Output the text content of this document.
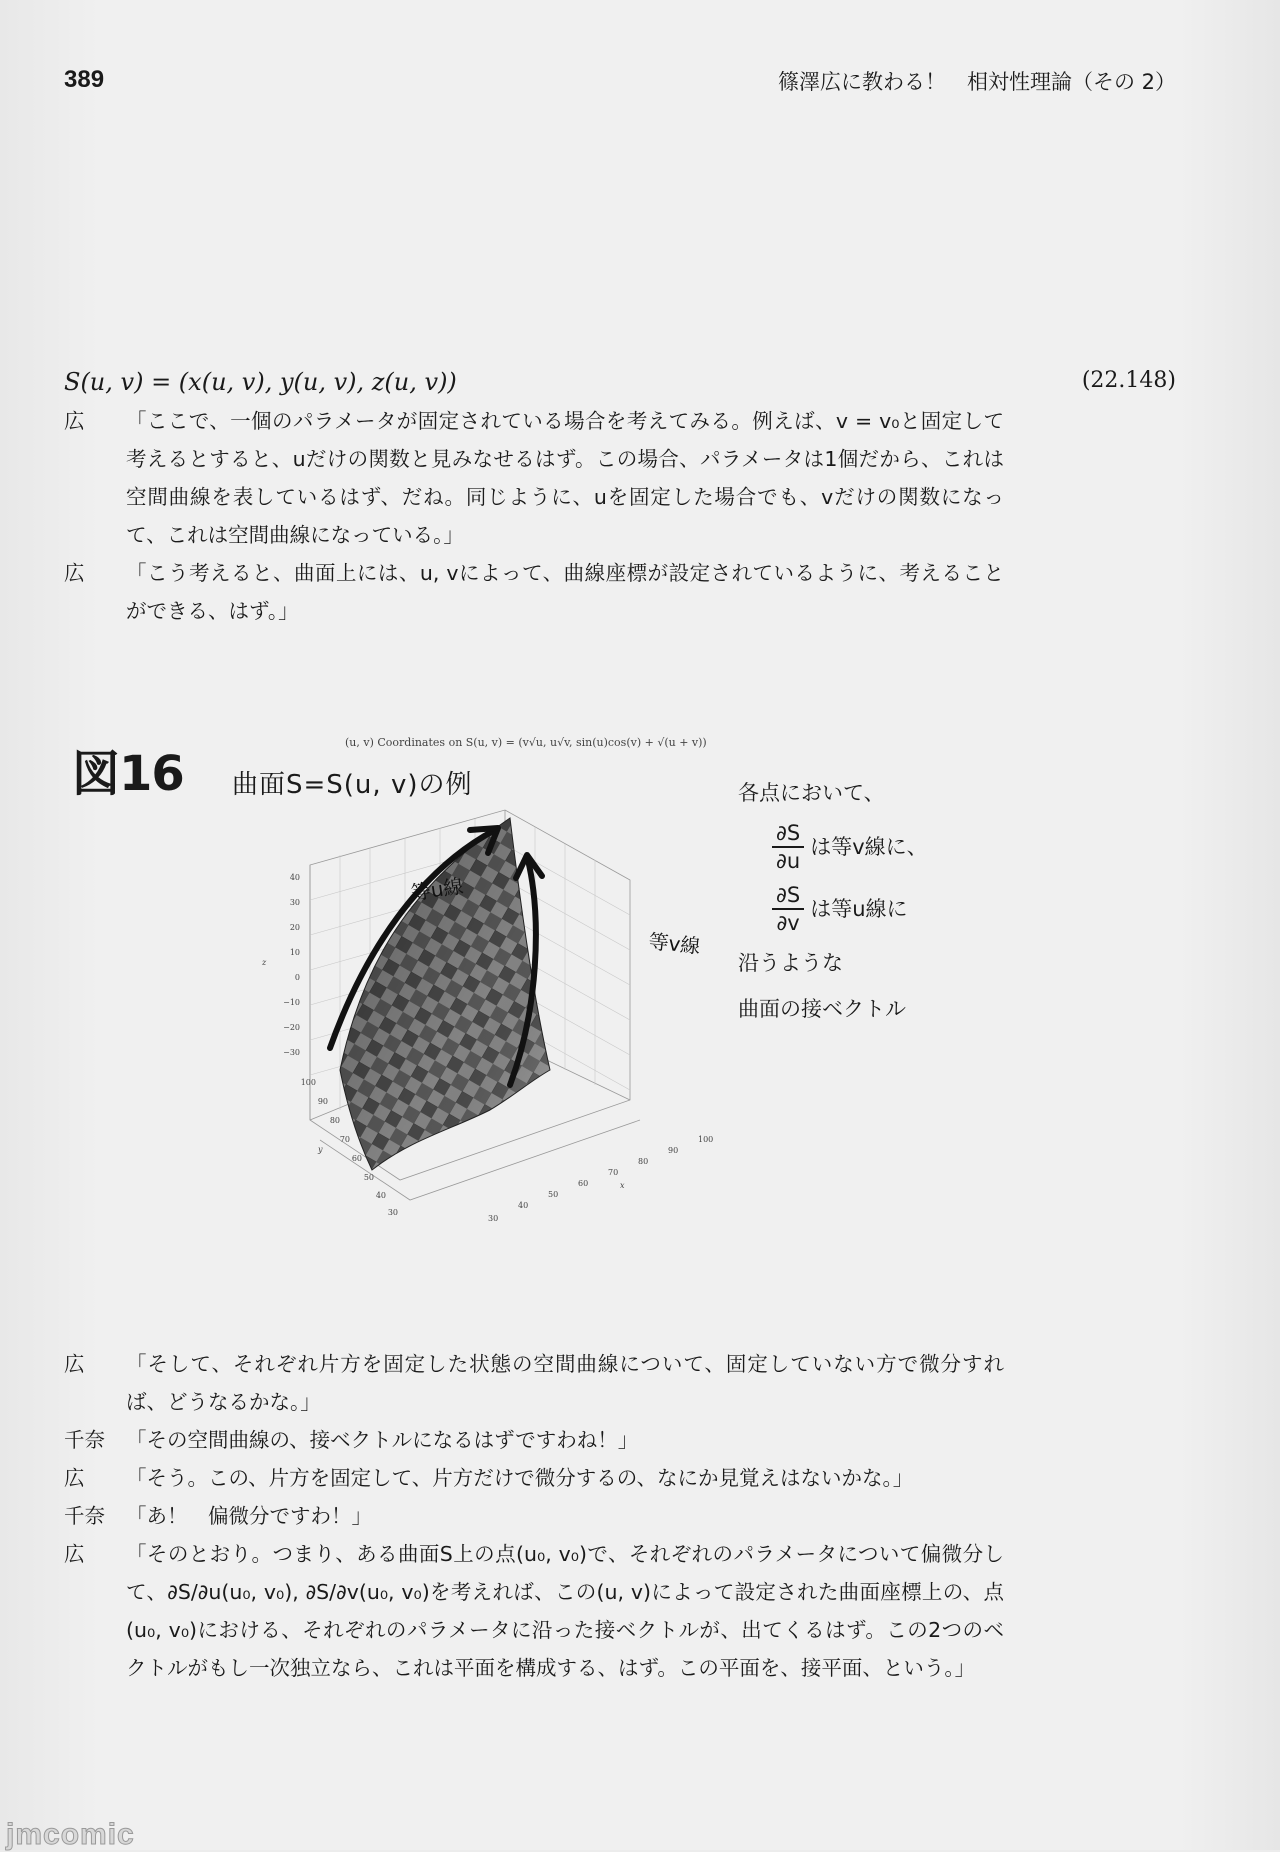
389	篠澤広に教わる！　相対性理論（その 2）
S(u, v) = (x(u, v), y(u, v), z(u, v))	(22.148)
広	「ここで、一個のパラメータが固定されている場合を考えてみる。例えば、v = v₀と固定して考えるとすると、uだけの関数と見みなせるはず。この場合、パラメータは1個だから、これは空間曲線を表しているはず、だね。同じように、uを固定した場合でも、vだけの関数になって、これは空間曲線になっている。」
広	「こう考えると、曲面上には、u, vによって、曲線座標が設定されているように、考えることができる、はず。」
図16 曲面S=S(u, v)の例
(u, v) Coordinates on S(u, v) = (v√u, u√v, sin(u)cos(v) + √(u + v))
等u線
等v線
z
y
x
40
30
20
10
0
−10
−20
−30
100
90
80
70
60
50
40
30
30
40
50
60
70
80
90
100
各点において、
$\frac{\partial S}{\partial u}$ は等v線に、
$\frac{\partial S}{\partial v}$ は等u線に
沿うような
曲面の接ベクトル
広	「そして、それぞれ片方を固定した状態の空間曲線について、固定していない方で微分すれば、どうなるかな。」
千奈	「その空間曲線の、接ベクトルになるはずですわね！」
広	「そう。この、片方を固定して、片方だけで微分するの、なにか見覚えはないかな。」
千奈	「あ！　偏微分ですわ！」
広	「そのとおり。つまり、ある曲面S上の点(u₀, v₀)で、それぞれのパラメータについて偏微分して、∂S/∂u(u₀, v₀), ∂S/∂v(u₀, v₀)を考えれば、この(u, v)によって設定された曲面座標上の、点(u₀, v₀)における、それぞれのパラメータに沿った接ベクトルが、出てくるはず。この2つのベクトルがもし一次独立なら、これは平面を構成する、はず。この平面を、接平面、という。」
jmcomic
